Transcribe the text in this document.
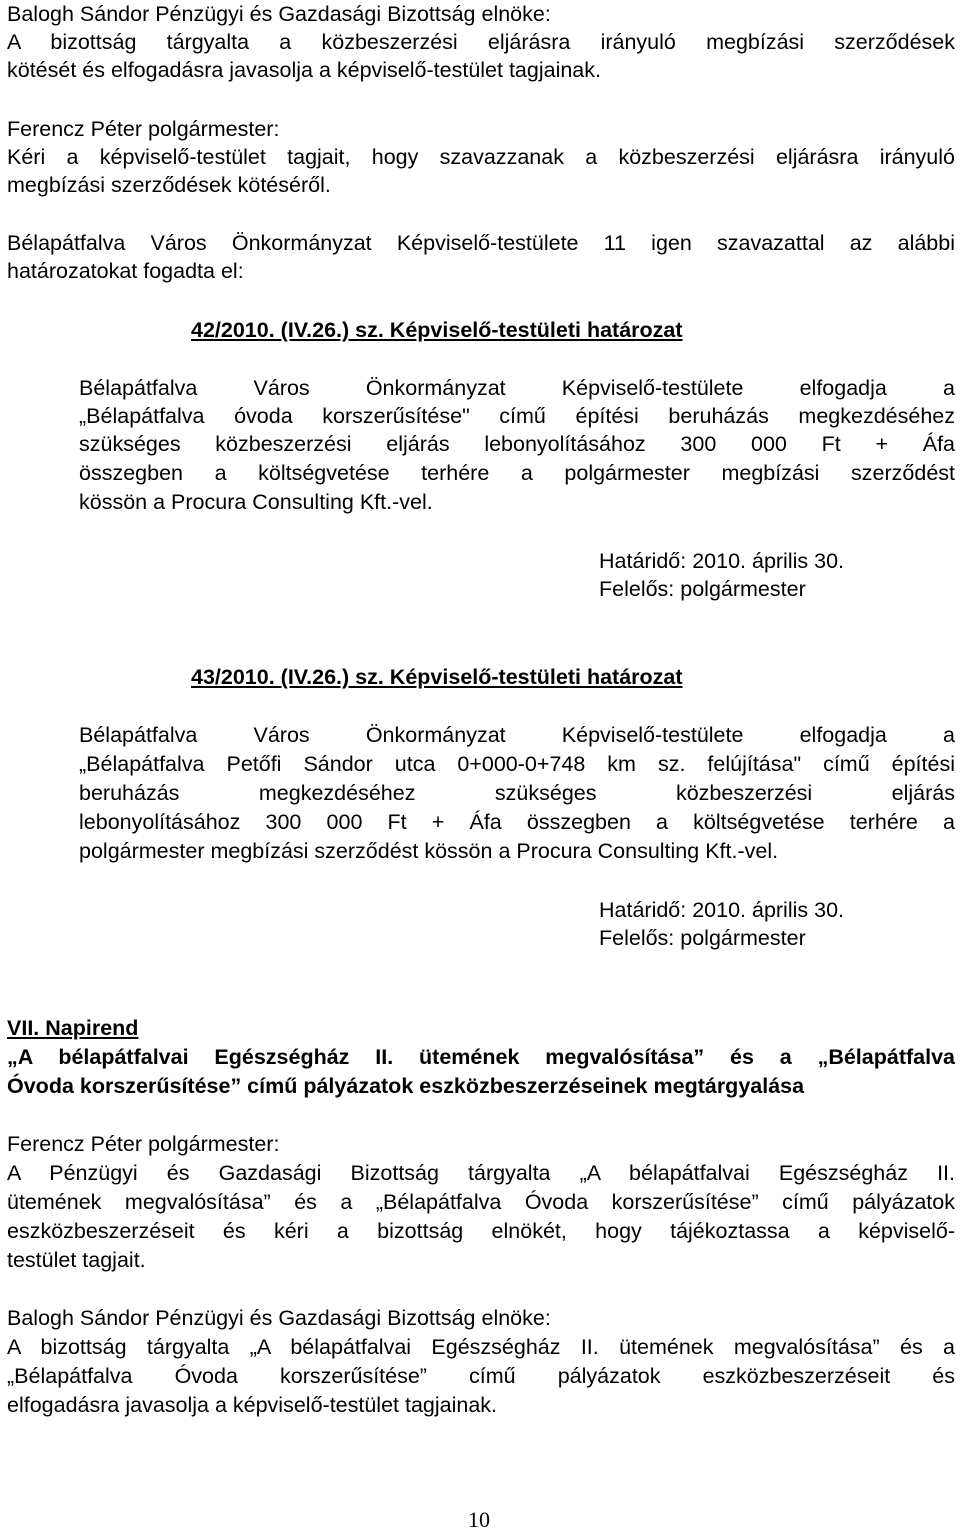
Balogh Sándor Pénzügyi és Gazdasági Bizottság elnöke:
A bizottság tárgyalta a közbeszerzési eljárásra irányuló megbízási szerződések
kötését és elfogadásra javasolja a képviselő-testület tagjainak.
Ferencz Péter polgármester:
Kéri a képviselő-testület tagjait, hogy szavazzanak a közbeszerzési eljárásra irányuló
megbízási szerződések kötéséről.
Bélapátfalva Város Önkormányzat Képviselő-testülete 11 igen szavazattal az alábbi
határozatokat fogadta el:
42/2010. (IV.26.) sz. Képviselő-testületi határozat
Bélapátfalva Város Önkormányzat Képviselő-testülete elfogadja a
„Bélapátfalva óvoda korszerűsítése" című építési beruházás megkezdéséhez
szükséges közbeszerzési eljárás lebonyolításához 300 000 Ft + Áfa
összegben a költségvetése terhére a polgármester megbízási szerződést
kössön a Procura Consulting Kft.-vel.
Határidő: 2010. április 30.
Felelős: polgármester
43/2010. (IV.26.) sz. Képviselő-testületi határozat
Bélapátfalva Város Önkormányzat Képviselő-testülete elfogadja a
„Bélapátfalva Petőfi Sándor utca 0+000-0+748 km sz. felújítása" című építési
beruházás megkezdéséhez szükséges közbeszerzési eljárás
lebonyolításához 300 000 Ft + Áfa összegben a költségvetése terhére a
polgármester megbízási szerződést kössön a Procura Consulting Kft.-vel.
Határidő: 2010. április 30.
Felelős: polgármester
VII. Napirend
„A bélapátfalvai Egészségház II. ütemének megvalósítása” és a „Bélapátfalva
Óvoda korszerűsítése” című pályázatok eszközbeszerzéseinek megtárgyalása
Ferencz Péter polgármester:
A Pénzügyi és Gazdasági Bizottság tárgyalta „A bélapátfalvai Egészségház II.
ütemének megvalósítása” és a „Bélapátfalva Óvoda korszerűsítése” című pályázatok
eszközbeszerzéseit és kéri a bizottság elnökét, hogy tájékoztassa a képviselő-
testület tagjait.
Balogh Sándor Pénzügyi és Gazdasági Bizottság elnöke:
A bizottság tárgyalta „A bélapátfalvai Egészségház II. ütemének megvalósítása” és a
„Bélapátfalva Óvoda korszerűsítése” című pályázatok eszközbeszerzéseit és
elfogadásra javasolja a képviselő-testület tagjainak.
10
